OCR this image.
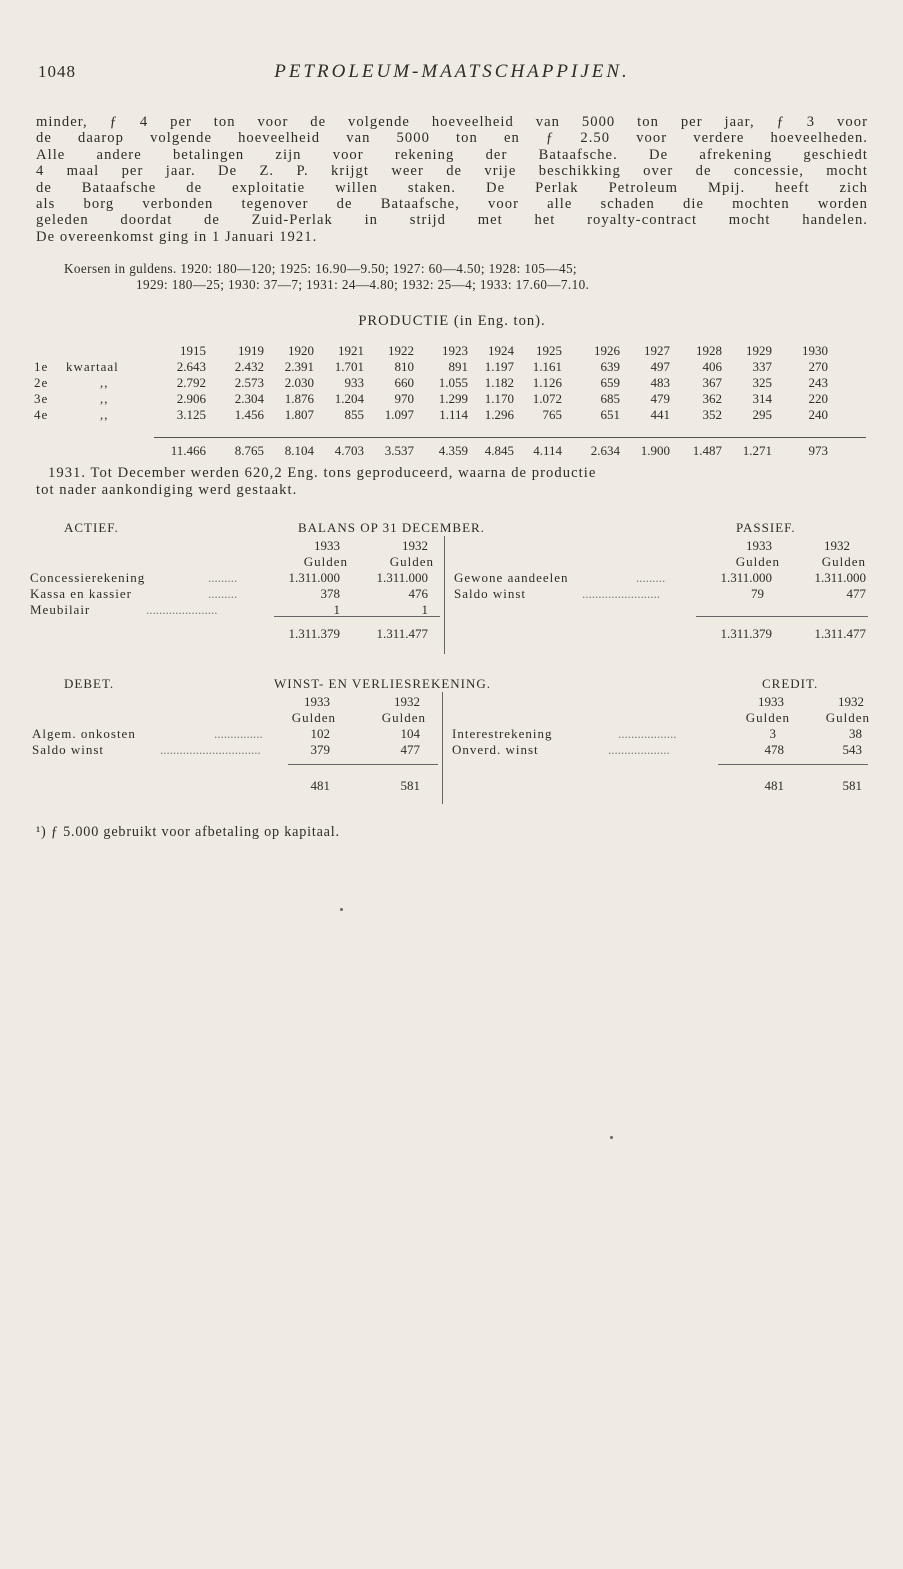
1048	PETROLEUM-MAATSCHAPPIJEN.
minder, ƒ 4 per ton voor de volgende hoeveelheid van 5000 ton per jaar, ƒ 3 voor
de daarop volgende hoeveelheid van 5000 ton en ƒ 2.50 voor verdere hoeveelheden.
Alle andere betalingen zijn voor rekening der Bataafsche. De afrekening geschiedt
4 maal per jaar. De Z. P. krijgt weer de vrije beschikking over de concessie, mocht
de Bataafsche de exploitatie willen staken. De Perlak Petroleum Mpij. heeft zich
als borg verbonden tegenover de Bataafsche, voor alle schaden die mochten worden
geleden doordat de Zuid-Perlak in strijd met het royalty-contract mocht handelen.
De overeenkomst ging in 1 Januari 1921.
Koersen in guldens. 1920: 180—120; 1925: 16.90—9.50; 1927: 60—4.50; 1928: 105—45;
1929: 180—25; 1930: 37—7; 1931: 24—4.80; 1932: 25—4; 1933: 17.60—7.10.
PRODUCTIE (in Eng. ton).
1915 1919 1920 1921 1922 1923 1924 1925 1926 1927 1928 1929 1930
1e kwartaal	2.643 2.432 2.391 1.701 810	891 1.197 1.161	639 497	406 337	270
2e	,,	2.792 2.573 2.030 933 660 1.055 1.182 1.126	659 483	367 325	243
3e	,,	2.906 2.304 1.876 1.204 970 1.299 1.170 1.072	685 479	362 314	220
4e	,,	3.125 1.456 1.807 855 1.097 1.114 1.296 765	651 441	352 295	240
11.466 8.765 8.104 4.703 3.537 4.359 4.845 4.114 2.634 1.900 1.487 1.271	973
1931. Tot December werden 620,2 Eng. tons geproduceerd, waarna de productie
tot nader aankondiging werd gestaakt.
ACTIEF.	BALANS OP 31 DECEMBER.	PASSIEF.
1933	1932
Gulden	Gulden
1933	1932
Gulden	Gulden
Concessierekening	.........	1.311.000	1.311.000
Kassa en kassier	.........	378	476
Meubilair	......................	1	1
Gewone aandeelen	.........	1.311.000	1.311.000
Saldo winst	........................	79	477
1.311.379	1.311.477	1.311.379	1.311.477
DEBET.	WINST- EN VERLIESREKENING.	CREDIT.
1933	1932
Gulden	Gulden
1933	1932
Gulden	Gulden
Algem. onkosten	...............	102	104
Saldo winst	...............................	379	477
Interestrekening	..................	3	38
Onverd. winst	...................	478	543
481	581	481	581
¹) ƒ 5.000 gebruikt voor afbetaling op kapitaal.
